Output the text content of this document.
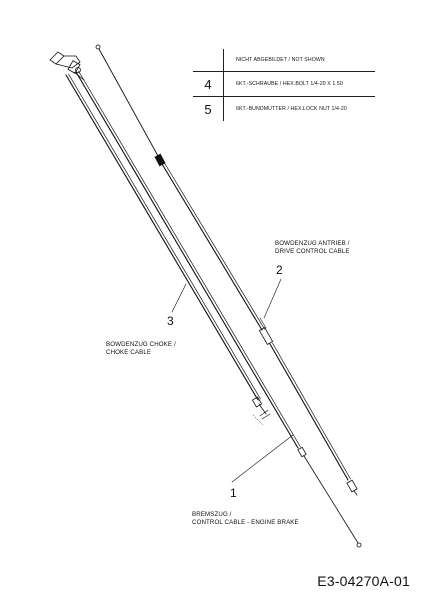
	NICHT ABGEBILDET / NOT SHOWN
4	6KT.-SCHRAUBE / HEX.BOLT 1/4-20 X 1.50
5	6KT.-BUNDMUTTER / HEX.LOCK NUT 1/4-20
BOWDENZUG ANTRIEB /
DRIVE CONTROL CABLE
2
3
BOWDENZUG CHOKE /
CHOKE CABLE
1
BREMSZUG /
CONTROL CABLE - ENGINE BRAKE
E3-04270A-01
